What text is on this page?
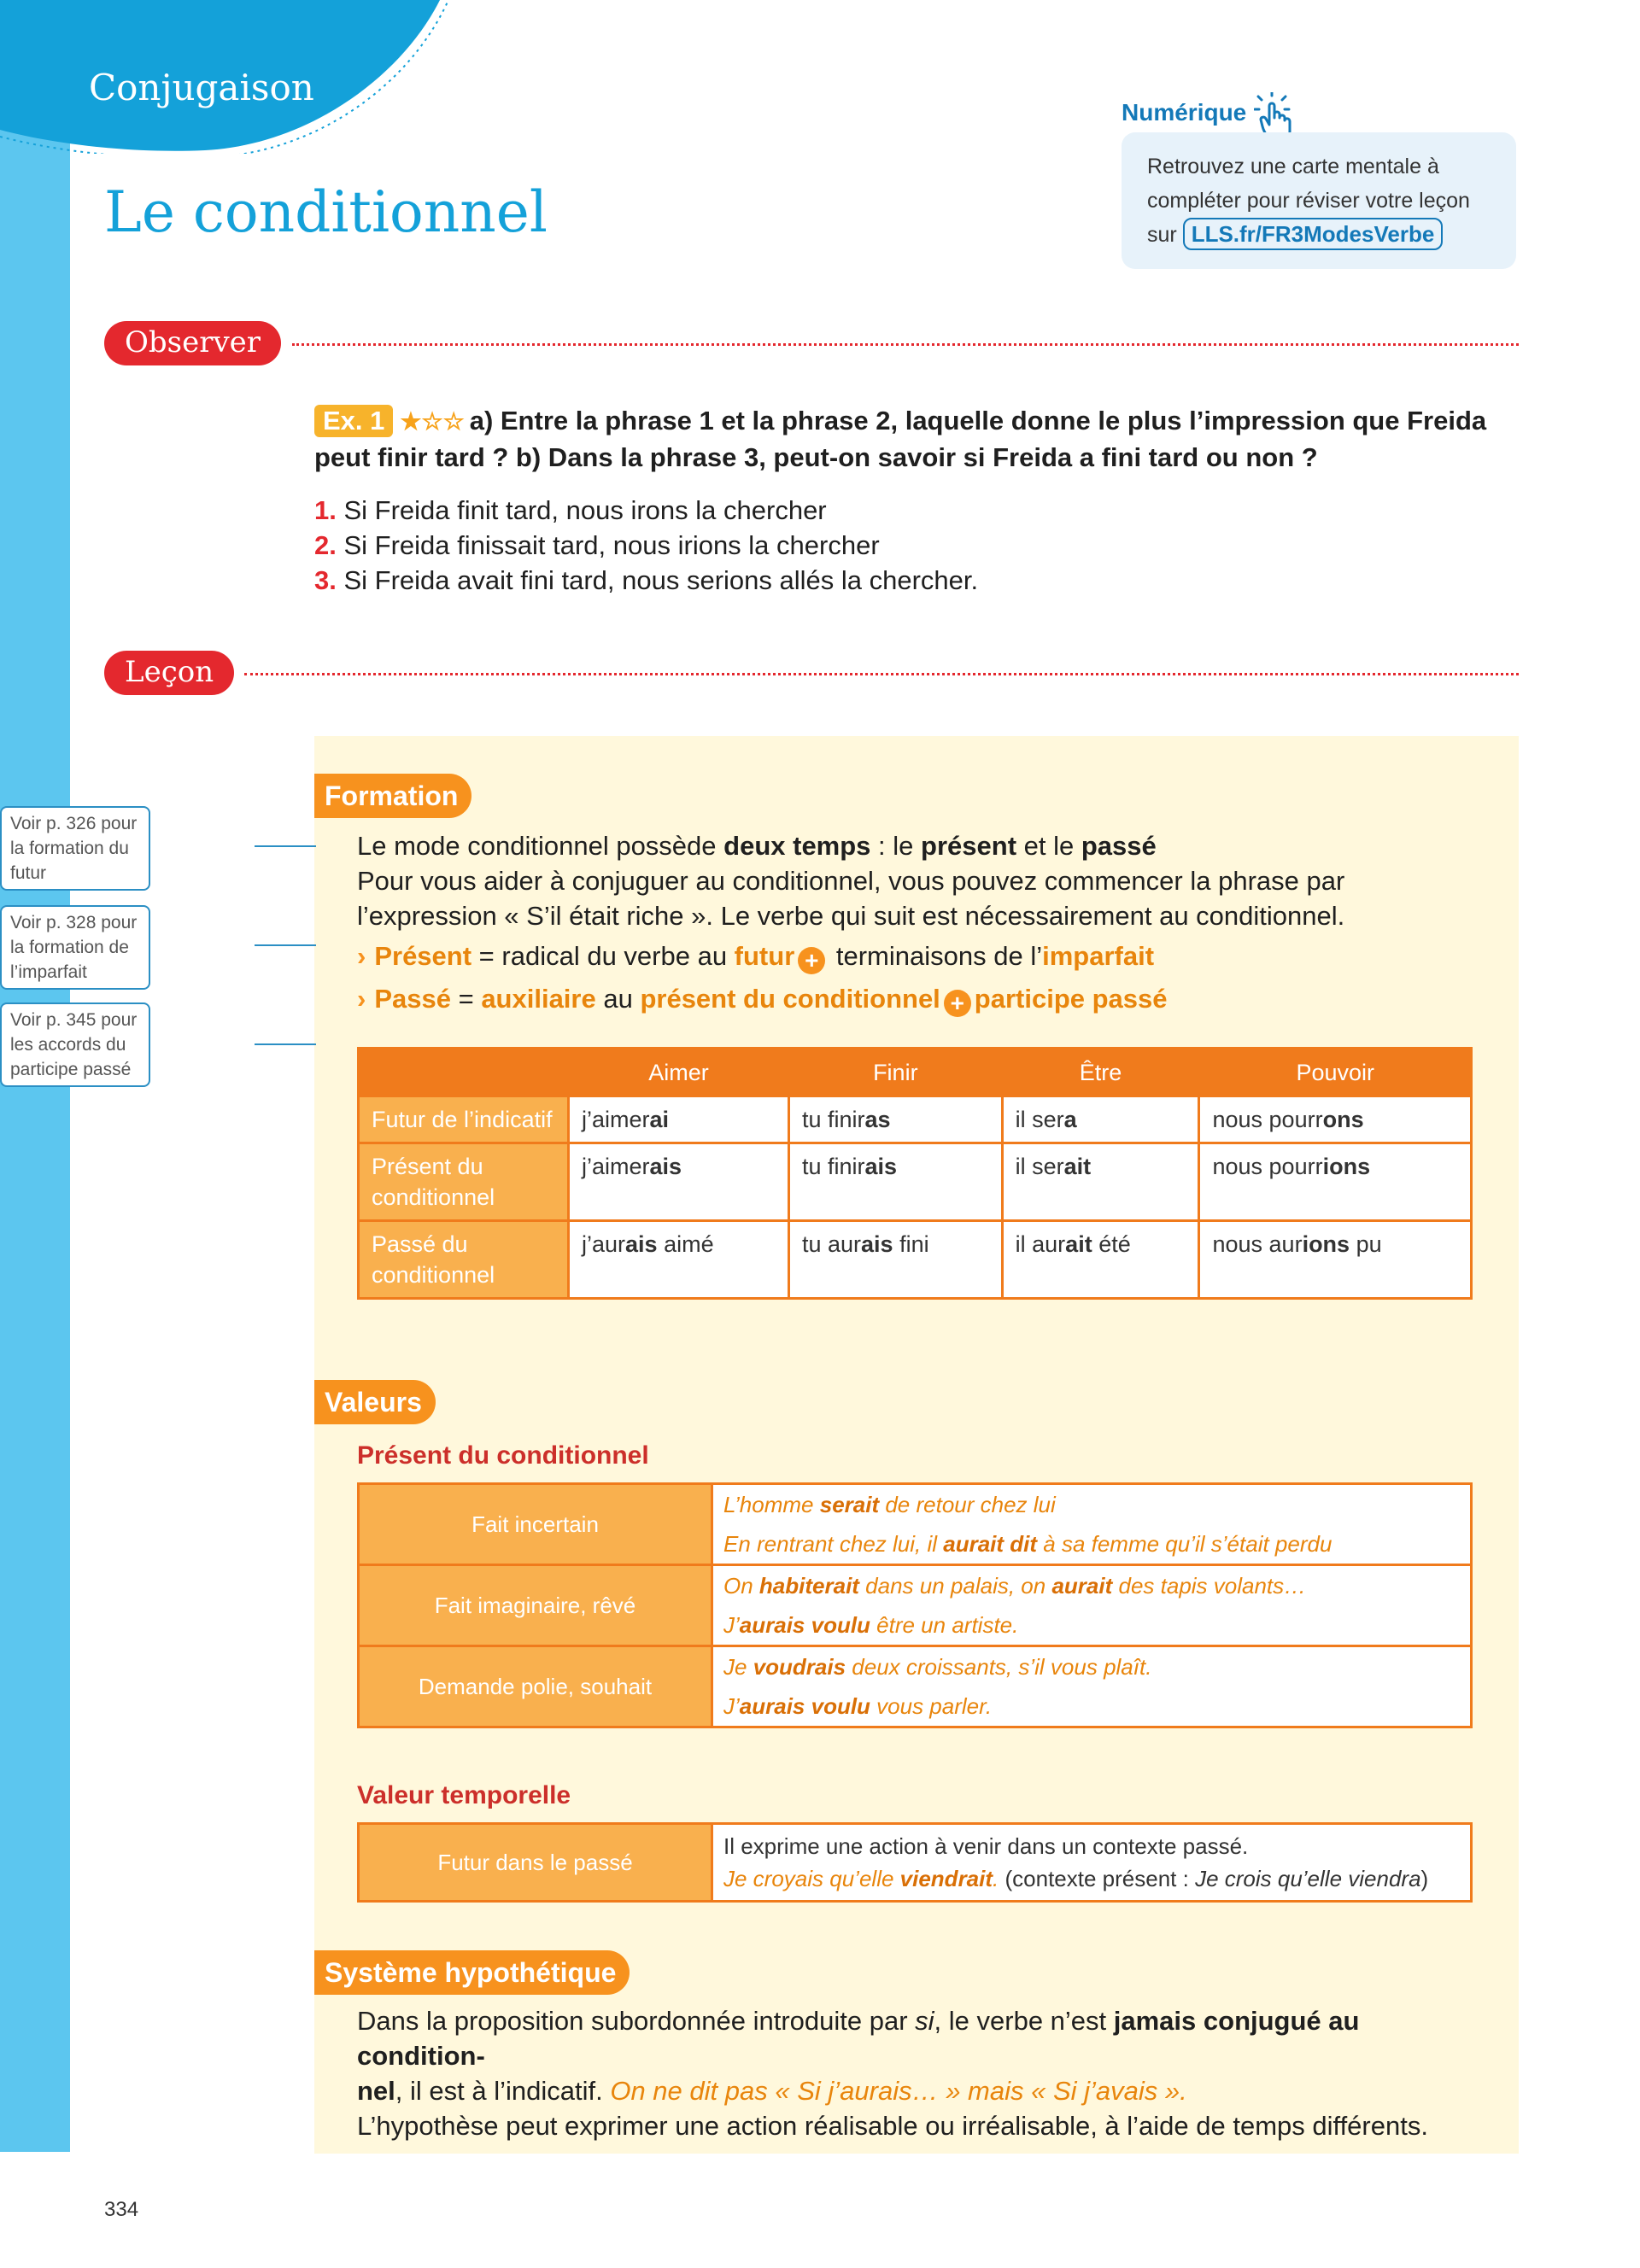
Conjugaison
Le conditionnel
Numérique
Retrouvez une carte mentale à
compléter pour réviser votre leçon
sur LLS.fr/FR3ModesVerbe
Observer
Ex. 1 ★☆☆ a) Entre la phrase 1 et la phrase 2, laquelle donne le plus l’impression que Freida peut finir tard ? b) Dans la phrase 3, peut-on savoir si Freida a fini tard ou non ?
1. Si Freida finit tard, nous irons la chercher
2. Si Freida finissait tard, nous irions la chercher
3. Si Freida avait fini tard, nous serions allés la chercher.
Leçon
Voir p. 326 pour la formation du futur
Voir p. 328 pour la formation de l’imparfait
Voir p. 345 pour les accords du participe passé
Formation
Le mode conditionnel possède deux temps : le présent et le passé
Pour vous aider à conjuguer au conditionnel, vous pouvez commencer la phrase par l’expression « S’il était riche ». Le verbe qui suit est nécessairement au conditionnel.
› Présent = radical du verbe au futur + terminaisons de l’imparfait
› Passé = auxiliaire au présent du conditionnel + participe passé
	Aimer	Finir	Être	Pouvoir
Futur de l’indicatif	j’aimerai	tu finiras	il sera	nous pourrons
Présent du conditionnel	j’aimerais	tu finirais	il serait	nous pourrions
Passé du conditionnel	j’aurais aimé	tu aurais fini	il aurait été	nous aurions pu
Valeurs
Présent du conditionnel
Fait incertain	L’homme serait de retour chez lui
En rentrant chez lui, il aurait dit à sa femme qu’il s’était perdu

Fait imaginaire, rêvé	On habiterait dans un palais, on aurait des tapis volants…
J’aurais voulu être un artiste.

Demande polie, souhait	Je voudrais deux croissants, s’il vous plaît.
J’aurais voulu vous parler.
Valeur temporelle
Futur dans le passé	
Il exprime une action à venir dans un contexte passé.
Je croyais qu’elle viendrait. (contexte présent : Je crois qu’elle viendra)
Système hypothétique
Dans la proposition subordonnée introduite par si, le verbe n’est jamais conjugué au condition-
nel, il est à l’indicatif. On ne dit pas « Si j’aurais… » mais « Si j’avais ».
L’hypothèse peut exprimer une action réalisable ou irréalisable, à l’aide de temps différents.
334
